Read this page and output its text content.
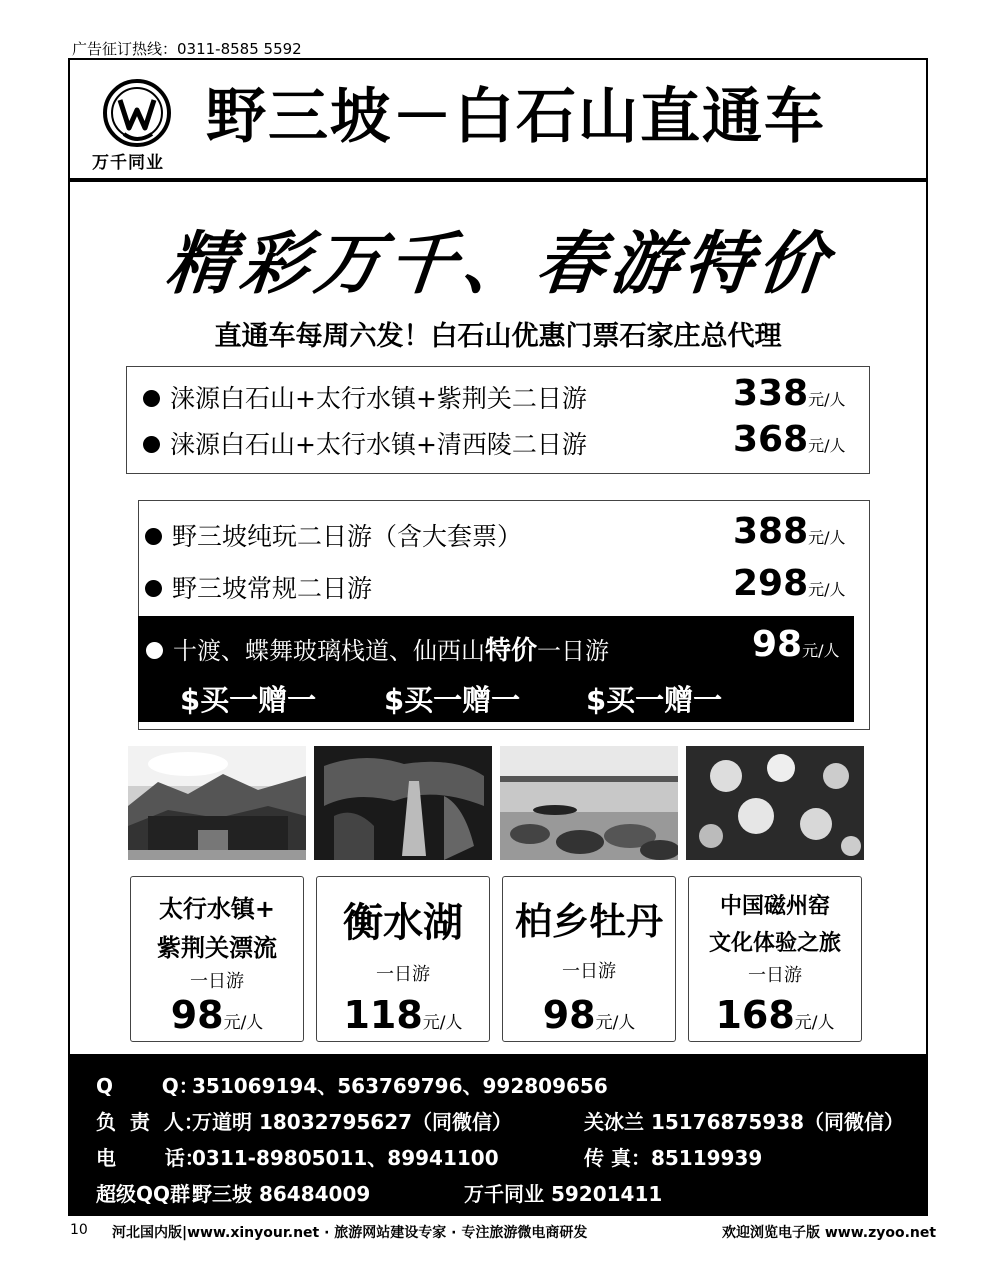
广告征订热线：0311-8585 5592
万千同业
野三坡－白石山直通车
精彩万千、春游特价
直通车每周六发！白石山优惠门票石家庄总代理
涞源白石山+太行水镇+紫荆关二日游	338元/人
涞源白石山+太行水镇+清西陵二日游	368元/人
野三坡纯玩二日游（含大套票）	388元/人
野三坡常规二日游	298元/人
十渡、蝶舞玻璃栈道、仙西山特价一日游	98元/人
$买一赠一 $买一赠一 $买一赠一
太行水镇+
紫荆关漂流
一日游
98元/人
衡水湖
一日游
118元/人
柏乡牡丹
一日游
98元/人
中国磁州窑
文化体验之旅
一日游
168元/人
Q       Q：351069194、563769796、992809656
负  责  人：万道明 18032795627（同微信）	关冰兰 15176875938（同微信）
电       话：0311-89805011、89941100	传 真：85119939
超级QQ群：野三坡 86484009	万千同业 59201411
10 河北国内版|www.xinyour.net · 旅游网站建设专家 · 专注旅游微电商研发	欢迎浏览电子版 www.zyoo.net
